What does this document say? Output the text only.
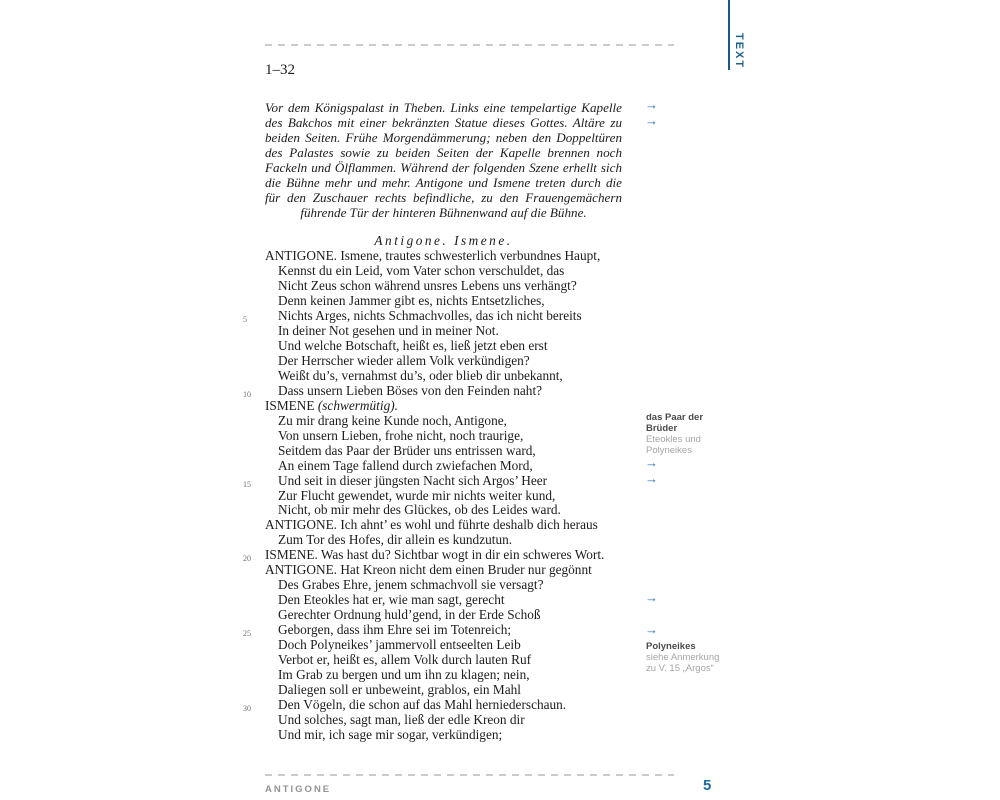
1–32
Vor dem Königspalast in Theben. Links eine tempelartige Kapelle
des Bakchos mit einer bekränzten Statue dieses Gottes. Altäre zu
beiden Seiten. Frühe Morgendämmerung; neben den Doppeltüren
des Palastes sowie zu beiden Seiten der Kapelle brennen noch
Fackeln und Ölflammen. Während der folgenden Szene erhellt sich
die Bühne mehr und mehr. Antigone und Ismene treten durch die
für den Zuschauer rechts befindliche, zu den Frauengemächern
führende Tür der hinteren Bühnenwand auf die Bühne.
Antigone. Ismene.
ANTIGONE. Ismene, trautes schwesterlich verbundnes Haupt,
Kennst du ein Leid, vom Vater schon verschuldet, das
Nicht Zeus schon während unsres Lebens uns verhängt?
Denn keinen Jammer gibt es, nichts Entsetzliches,
5 Nichts Arges, nichts Schmachvolles, das ich nicht bereits
In deiner Not gesehen und in meiner Not.
Und welche Botschaft, heißt es, ließ jetzt eben erst
Der Herrscher wieder allem Volk verkündigen?
Weißt du’s, vernahmst du’s, oder blieb dir unbekannt,
10 Dass unsern Lieben Böses von den Feinden naht?
ISMENE (schwermütig).
Zu mir drang keine Kunde noch, Antigone,
Von unsern Lieben, frohe nicht, noch traurige,
Seitdem das Paar der Brüder uns entrissen ward,
An einem Tage fallend durch zwiefachen Mord,
15 Und seit in dieser jüngsten Nacht sich Argos’ Heer
Zur Flucht gewendet, wurde mir nichts weiter kund,
Nicht, ob mir mehr des Glückes, ob des Leides ward.
ANTIGONE. Ich ahnt’ es wohl und führte deshalb dich heraus
Zum Tor des Hofes, dir allein es kundzutun.
20 ISMENE. Was hast du? Sichtbar wogt in dir ein schweres Wort.
ANTIGONE. Hat Kreon nicht dem einen Bruder nur gegönnt
Des Grabes Ehre, jenem schmachvoll sie versagt?
Den Eteokles hat er, wie man sagt, gerecht
Gerechter Ordnung huld’gend, in der Erde Schoß
25 Geborgen, dass ihm Ehre sei im Totenreich;
Doch Polyneikes’ jammervoll entseelten Leib
Verbot er, heißt es, allem Volk durch lauten Ruf
Im Grab zu bergen und um ihn zu klagen; nein,
Daliegen soll er unbeweint, grablos, ein Mahl
30 Den Vögeln, die schon auf das Mahl herniederschaun.
Und solches, sagt man, ließ der edle Kreon dir
Und mir, ich sage mir sogar, verkündigen;
→
→
→
→
→
→
das Paar der Brüder
Eteokles und Polyneikes
Polyneikes
siehe Anmerkung zu V. 15 „Argos“
TEXT
ANTIGONE	5
